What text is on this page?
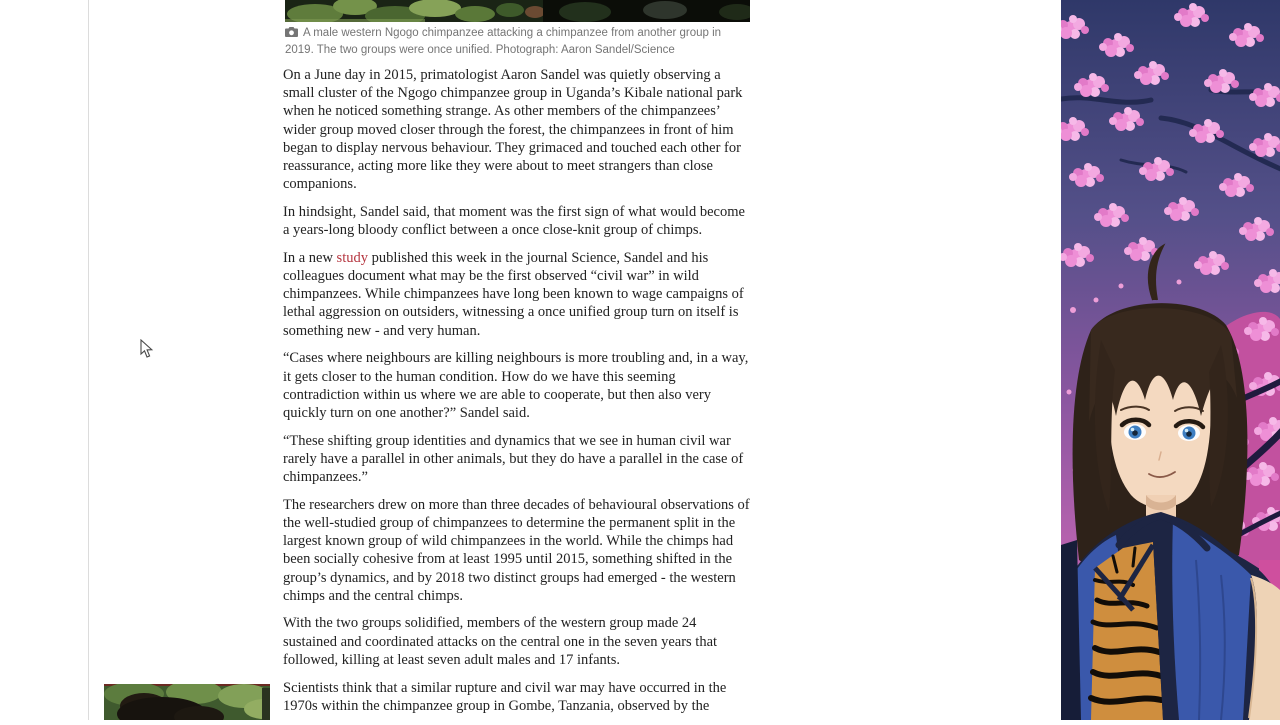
A male western Ngogo chimpanzee attacking a chimpanzee from another group in 2019. The two groups were once unified. Photograph: Aaron Sandel/Science

On a June day in 2015, primatologist Aaron Sandel was quietly observing a small cluster of the Ngogo chimpanzee group in Uganda’s Kibale national park when he noticed something strange. As other members of the chimpanzees’ wider group moved closer through the forest, the chimpanzees in front of him began to display nervous behaviour. They grimaced and touched each other for reassurance, acting more like they were about to meet strangers than close companions.

In hindsight, Sandel said, that moment was the first sign of what would become a years-long bloody conflict between a once close-knit group of chimps.

In a new study published this week in the journal Science, Sandel and his colleagues document what may be the first observed “civil war” in wild chimpanzees. While chimpanzees have long been known to wage campaigns of lethal aggression on outsiders, witnessing a once unified group turn on itself is something new - and very human.

“Cases where neighbours are killing neighbours is more troubling and, in a way, it gets closer to the human condition. How do we have this seeming contradiction within us where we are able to cooperate, but then also very quickly turn on one another?” Sandel said.

“These shifting group identities and dynamics that we see in human civil war rarely have a parallel in other animals, but they do have a parallel in the case of chimpanzees.”

The researchers drew on more than three decades of behavioural observations of the well-studied group of chimpanzees to determine the permanent split in the largest known group of wild chimpanzees in the world. While the chimps had been socially cohesive from at least 1995 until 2015, something shifted in the group’s dynamics, and by 2018 two distinct groups had emerged - the western chimps and the central chimps.

With the two groups solidified, members of the western group made 24 sustained and coordinated attacks on the central one in the seven years that followed, killing at least seven adult males and 17 infants.

Scientists think that a similar rupture and civil war may have occurred in the 1970s within the chimpanzee group in Gombe, Tanzania, observed by the
